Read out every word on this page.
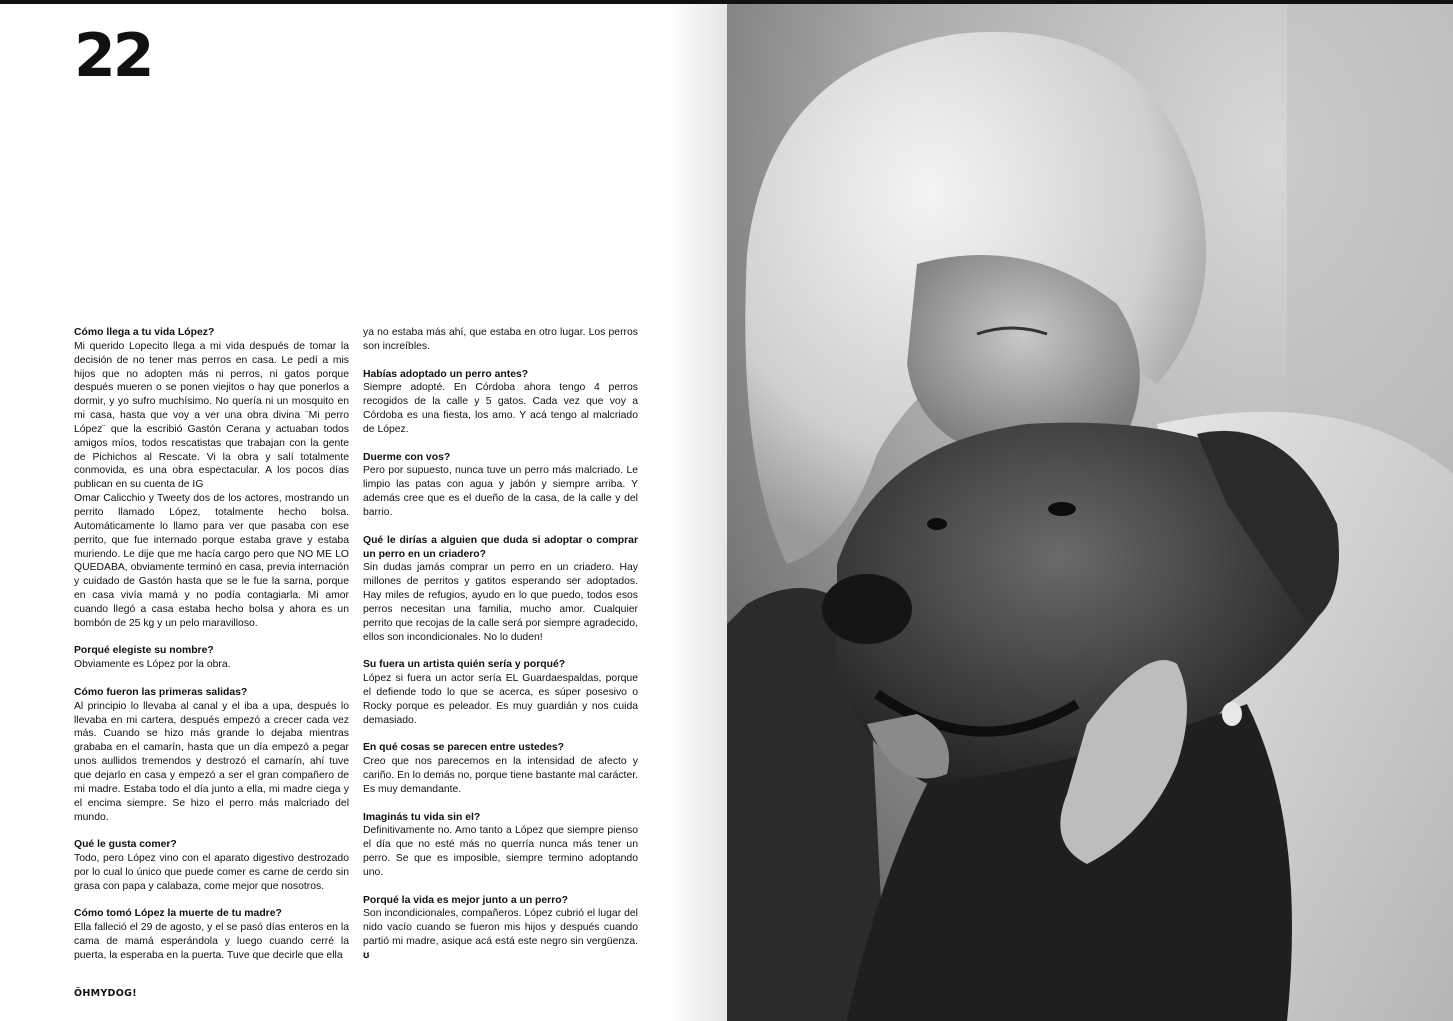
22

Cómo llega a tu vida López?
Mi querido Lopecito llega a mi vida después de tomar la decisión de no tener mas perros en casa. Le pedí a mis hijos que no adopten más ni perros, ni gatos porque después mueren o se ponen viejitos o hay que ponerlos a dormir, y yo sufro muchísimo. No quería ni un mosquito en mi casa, hasta que voy a ver una obra divina ¨Mi perro López¨ que la escribió Gastón Cerana y actuaban todos amigos míos, todos rescatistas que trabajan con la gente de Pichichos al Rescate. Vi la obra y salí totalmente conmovida, es una obra espectacular. A los pocos días publican en su cuenta de IG

Omar Calicchio y Tweety dos de los actores, mostrando un perrito llamado López, totalmente hecho bolsa. Automáticamente lo llamo para ver que pasaba con ese perrito, que fue internado porque estaba grave y estaba muriendo. Le dije que me hacía cargo pero que NO ME LO QUEDABA, obviamente terminó en casa, previa internación y cuidado de Gastón hasta que se le fue la sarna, porque en casa vivía mamá y no podía contagiarla. Mi amor cuando llegó a casa estaba hecho bolsa y ahora es un bombón de 25 kg y un pelo maravilloso.

Porqué elegiste su nombre?
Obviamente es López por la obra.

Cómo fueron las primeras salidas?
Al principio lo llevaba al canal y el iba a upa, después lo llevaba en mi cartera, después empezó a crecer cada vez más. Cuando se hizo más grande lo dejaba mientras grababa en el camarín, hasta que un día empezó a pegar unos aullidos tremendos y destrozó el camarín, ahí tuve que dejarlo en casa y empezó a ser el gran compañero de mi madre. Estaba todo el día junto a ella, mi madre ciega y el encima siempre. Se hizo el perro más malcriado del mundo.

Qué le gusta comer?
Todo, pero López vino con el aparato digestivo destrozado por lo cual lo único que puede comer es carne de cerdo sin grasa con papa y calabaza, come mejor que nosotros.

Cómo tomó López la muerte de tu madre?
Ella falleció el 29 de agosto, y el se pasó días enteros en la cama de mamá esperándola y luego cuando cerré la puerta, la esperaba en la puerta. Tuve que decirle que ella

ya no estaba más ahí, que estaba en otro lugar. Los perros son increíbles.

Habías adoptado un perro antes?
Siempre adopté. En Córdoba ahora tengo 4 perros recogidos de la calle y 5 gatos. Cada vez que voy a Córdoba es una fiesta, los amo. Y acá tengo al malcriado de López.

Duerme con vos?
Pero por supuesto, nunca tuve un perro más malcriado. Le limpio las patas con agua y jabón y siempre arriba. Y además cree que es el dueño de la casa, de la calle y del barrio.

Qué le dirías a alguien que duda si adoptar o comprar un perro en un criadero?
Sin dudas jamás comprar un perro en un criadero. Hay millones de perritos y gatitos esperando ser adoptados. Hay miles de refugios, ayudo en lo que puedo, todos esos perros necesitan una familia, mucho amor. Cualquier perrito que recojas de la calle será por siempre agradecido, ellos son incondicionales. No lo duden!

Su fuera un artista quién sería y porqué?
López si fuera un actor sería EL Guardaespaldas, porque el defiende todo lo que se acerca, es súper posesivo o Rocky porque es peleador. Es muy guardián y nos cuida demasiado.

En qué cosas se parecen entre ustedes?
Creo que nos parecemos en la intensidad de afecto y cariño. En lo demás no, porque tiene bastante mal carácter. Es muy demandante.

Imaginás tu vida sin el?
Definitivamente no. Amo tanto a López que siempre pienso el día que no esté más no querría nunca más tener un perro. Se que es imposible, siempre termino adoptando uno.

Porqué la vida es mejor junto a un perro?
Son incondicionales, compañeros. López cubrió el lugar del nido vacío cuando se fueron mis hijos y después cuando partió mi madre, asique acá está este negro sin vergüenza. ʊ

ÖHMYDOG!
